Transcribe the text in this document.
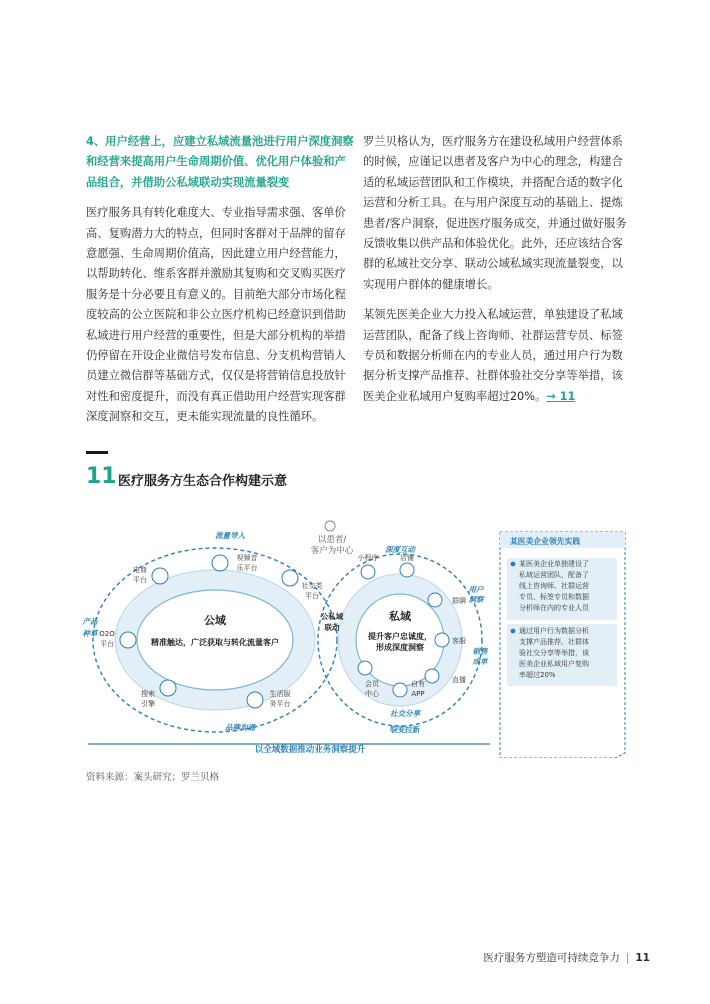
4、用户经营上，应建立私域流量池进行用户深度洞察和经营来提高用户生命周期价值、优化用户体验和产品组合，并借助公私域联动实现流量裂变

医疗服务具有转化难度大、专业指导需求强、客单价高、复购潜力大的特点，但同时客群对于品牌的留存意愿强、生命周期价值高，因此建立用户经营能力，以帮助转化、维系客群并激励其复购和交叉购买医疗服务是十分必要且有意义的。目前绝大部分市场化程度较高的公立医院和非公立医疗机构已经意识到借助私域进行用户经营的重要性，但是大部分机构的举措仍停留在开设企业微信号发布信息、分支机构营销人员建立微信群等基础方式，仅仅是将营销信息投放针对性和密度提升，而没有真正借助用户经营实现客群深度洞察和交互，更未能实现流量的良性循环。

罗兰贝格认为，医疗服务方在建设私域用户经营体系的时候，应谨记以患者及客户为中心的理念，构建合适的私域运营团队和工作模块，并搭配合适的数字化运营和分析工具。在与用户深度互动的基础上、提炼患者/客户洞察，促进医疗服务成交，并通过做好服务反馈收集以供产品和体验优化。此外，还应该结合客群的私域社交分享、联动公域私域实现流量裂变，以实现用户群体的健康增长。

某领先医美企业大力投入私域运营，单独建设了私域运营团队，配备了线上咨询师、社群运营专员、标签专员和数据分析师在内的专业人员，通过用户行为数据分析支撑产品推荐、社群体验社交分享等举措，该医美企业私域用户复购率超过20%。→ 11

11 医疗服务方生态合作构建示意
以患者/
客户为中心
公私域
联动
公域
精准触达，广泛获取与转化流量客户
私域
提升客户忠诚度，
形成深度洞察
电商
平台
视频音
乐平台
社交类
平台
O2O
平台
搜索
引擎
生活服
务平台
小程序	店铺
群聊
客服
直播
自有
APP
会员
中心
流量导入
深度互动
用户
洞察
销售
成单
社交分享
裂变拉新
品牌沟通
产品
种草
以全域数据推动业务洞察提升
某医美企业领先实践
某医美企业单独建设了
私域运营团队，配备了
线上咨询师、社群运营
专员、标签专员和数据
分析师在内的专业人员
通过用户行为数据分析
支撑产品推荐、社群体
验社交分享等举措，该
医美企业私域用户复购
率超过20%
资料来源：案头研究；罗兰贝格
医疗服务方塑造可持续竞争力 | 11
